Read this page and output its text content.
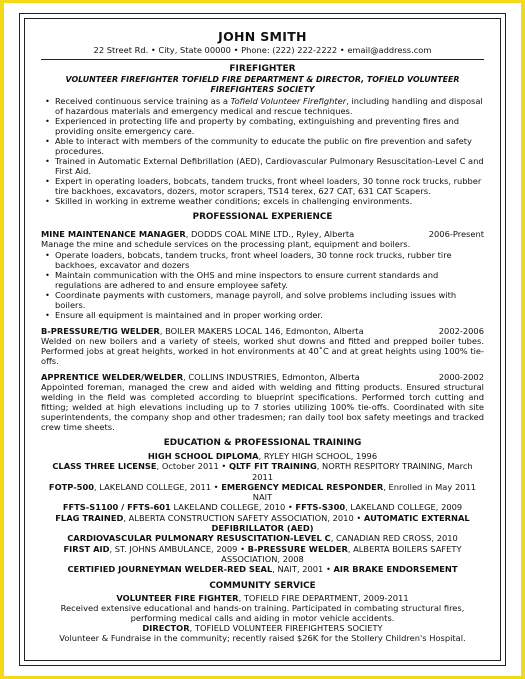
JOHN SMITH
22 Street Rd. • City, State 00000 • Phone: (222) 222-2222 • email@address.com
FIREFIGHTER
VOLUNTEER FIREFIGHTER TOFIELD FIRE DEPARTMENT & DIRECTOR, TOFIELD VOLUNTEER FIREFIGHTERS SOCIETY
• Received continuous service training as a Tofield Volunteer Firefighter, including handling and disposal of hazardous materials and emergency medical and rescue techniques.
• Experienced in protecting life and property by combating, extinguishing and preventing fires and providing onsite emergency care.
• Able to interact with members of the community to educate the public on fire prevention and safety procedures.
• Trained in Automatic External Defibrillation (AED), Cardiovascular Pulmonary Resuscitation-Level C and First Aid.
• Expert in operating loaders, bobcats, tandem trucks, front wheel loaders, 30 tonne rock trucks, rubber tire backhoes, excavators, dozers, motor scrapers, TS14 terex, 627 CAT, 631 CAT Scapers.
• Skilled in working in extreme weather conditions; excels in challenging environments.
PROFESSIONAL EXPERIENCE
MINE MAINTENANCE MANAGER, DODDS COAL MINE LTD., Ryley, Alberta	2006-Present
Manage the mine and schedule services on the processing plant, equipment and boilers.
• Operate loaders, bobcats, tandem trucks, front wheel loaders, 30 tonne rock trucks, rubber tire backhoes, excavator and dozers
• Maintain communication with the OHS and mine inspectors to ensure current standards and regulations are adhered to and ensure employee safety.
• Coordinate payments with customers, manage payroll, and solve problems including issues with boilers.
• Ensure all equipment is maintained and in proper working order.
B-PRESSURE/TIG WELDER, BOILER MAKERS LOCAL 146, Edmonton, Alberta	2002-2006
Welded on new boilers and a variety of steels, worked shut downs and fitted and prepped boiler tubes. Performed jobs at great heights, worked in hot environments at 40˚C and at great heights using 100% tie-offs.
APPRENTICE WELDER/WELDER, COLLINS INDUSTRIES, Edmonton, Alberta	2000-2002
Appointed foreman, managed the crew and aided with welding and fitting products. Ensured structural welding in the field was completed according to blueprint specifications. Performed torch cutting and fitting; welded at high elevations including up to 7 stories utilizing 100% tie-offs. Coordinated with site superintendents, the company shop and other tradesmen; ran daily tool box safety meetings and tracked crew time sheets.
EDUCATION & PROFESSIONAL TRAINING
HIGH SCHOOL DIPLOMA, RYLEY HIGH SCHOOL, 1996
CLASS THREE LICENSE, October 2011 • QLTF FIT TRAINING, NORTH RESPITORY TRAINING, March 2011
FOTP-500, LAKELAND COLLEGE, 2011 • EMERGENCY MEDICAL RESPONDER, Enrolled in May 2011 NAIT
FFTS-S1100 / FFTS-601 LAKELAND COLLEGE, 2010 • FFTS-S300, LAKELAND COLLEGE, 2009
FLAG TRAINED, ALBERTA CONSTRUCTION SAFETY ASSOCIATION, 2010 • AUTOMATIC EXTERNAL DEFIBRILLATOR (AED)
CARDIOVASCULAR PULMONARY RESUSCITATION-LEVEL C, CANADIAN RED CROSS, 2010
FIRST AID, ST. JOHNS AMBULANCE, 2009 • B-PRESSURE WELDER, ALBERTA BOILERS SAFETY ASSOCIATION, 2008
CERTIFIED JOURNEYMAN WELDER-RED SEAL, NAIT, 2001 • AIR BRAKE ENDORSEMENT
COMMUNITY SERVICE
VOLUNTEER FIRE FIGHTER, TOFIELD FIRE DEPARTMENT, 2009-2011
Received extensive educational and hands-on training. Participated in combating structural fires, performing medical calls and aiding in motor vehicle accidents.
DIRECTOR, TOFIELD VOLUNTEER FIREFIGHTERS SOCIETY
Volunteer & Fundraise in the community; recently raised $26K for the Stollery Children's Hospital.
